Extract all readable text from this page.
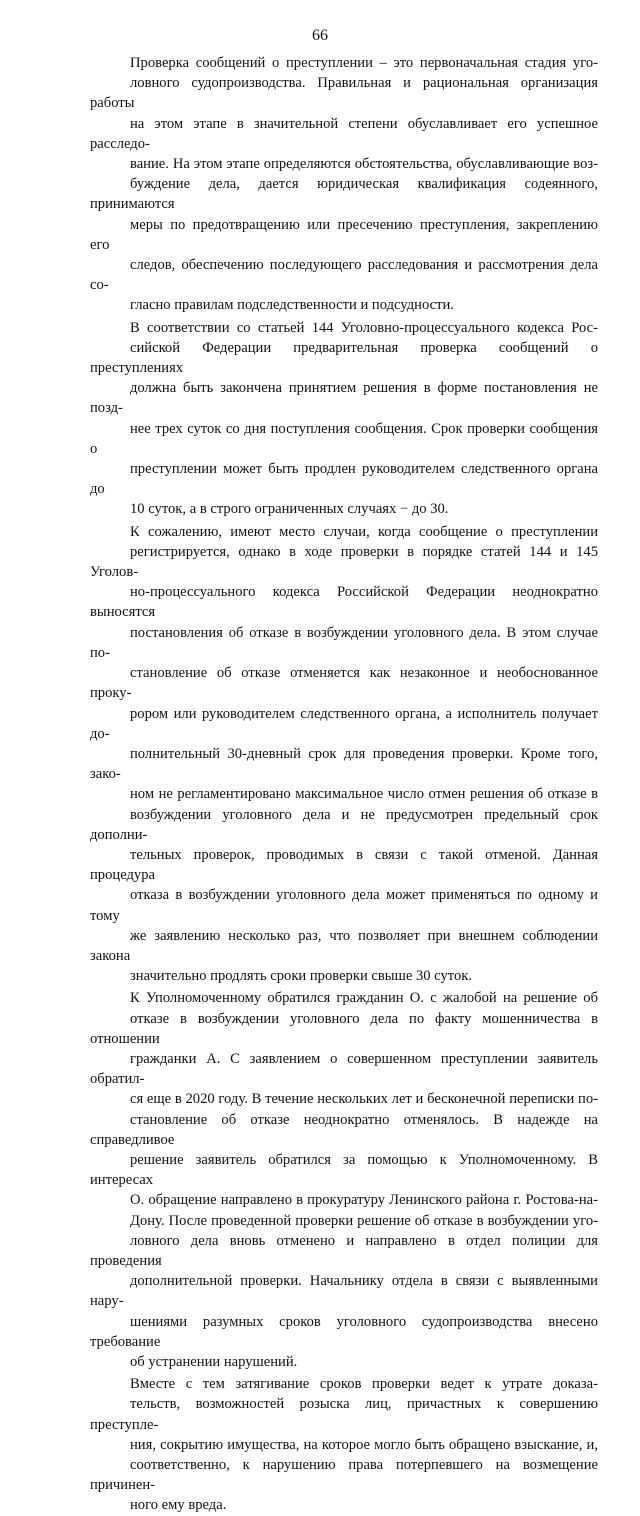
66

Проверка сообщений о преступлении – это первоначальная стадия уго-
ловного судопроизводства. Правильная и рациональная организация работы
на этом этапе в значительной степени обуславливает его успешное расследо-
вание. На этом этапе определяются обстоятельства, обуславливающие воз-
буждение дела, дается юридическая квалификация содеянного, принимаются
меры по предотвращению или пресечению преступления, закреплению его
следов, обеспечению последующего расследования и рассмотрения дела со-
гласно правилам подследственности и подсудности.

В соответствии со статьей 144 Уголовно-процессуального кодекса Рос-
сийской Федерации предварительная проверка сообщений о преступлениях
должна быть закончена принятием решения в форме постановления не позд-
нее трех суток со дня поступления сообщения. Срок проверки сообщения о
преступлении может быть продлен руководителем следственного органа до
10 суток, а в строго ограниченных случаях − до 30.

К сожалению, имеют место случаи, когда сообщение о преступлении
регистрируется, однако в ходе проверки в порядке статей 144 и 145 Уголов-
но-процессуального кодекса Российской Федерации неоднократно выносятся
постановления об отказе в возбуждении уголовного дела. В этом случае по-
становление об отказе отменяется как незаконное и необоснованное проку-
рором или руководителем следственного органа, а исполнитель получает до-
полнительный 30-дневный срок для проведения проверки. Кроме того, зако-
ном не регламентировано максимальное число отмен решения об отказе в
возбуждении уголовного дела и не предусмотрен предельный срок дополни-
тельных проверок, проводимых в связи с такой отменой. Данная процедура
отказа в возбуждении уголовного дела может применяться по одному и тому
же заявлению несколько раз, что позволяет при внешнем соблюдении закона
значительно продлять сроки проверки свыше 30 суток.

К Уполномоченному обратился гражданин О. с жалобой на решение об
отказе в возбуждении уголовного дела по факту мошенничества в отношении
гражданки А. С заявлением о совершенном преступлении заявитель обратил-
ся еще в 2020 году. В течение нескольких лет и бесконечной переписки по-
становление об отказе неоднократно отменялось. В надежде на справедливое
решение заявитель обратился за помощью к Уполномоченному. В интересах
О. обращение направлено в прокуратуру Ленинского района г. Ростова-на-
Дону. После проведенной проверки решение об отказе в возбуждении уго-
ловного дела вновь отменено и направлено в отдел полиции для проведения
дополнительной проверки. Начальнику отдела в связи с выявленными нару-
шениями разумных сроков уголовного судопроизводства внесено требование
об устранении нарушений.

Вместе с тем затягивание сроков проверки ведет к утрате доказа-
тельств, возможностей розыска лиц, причастных к совершению преступле-
ния, сокрытию имущества, на которое могло быть обращено взыскание, и,
соответственно, к нарушению права потерпевшего на возмещение причинен-
ного ему вреда.
